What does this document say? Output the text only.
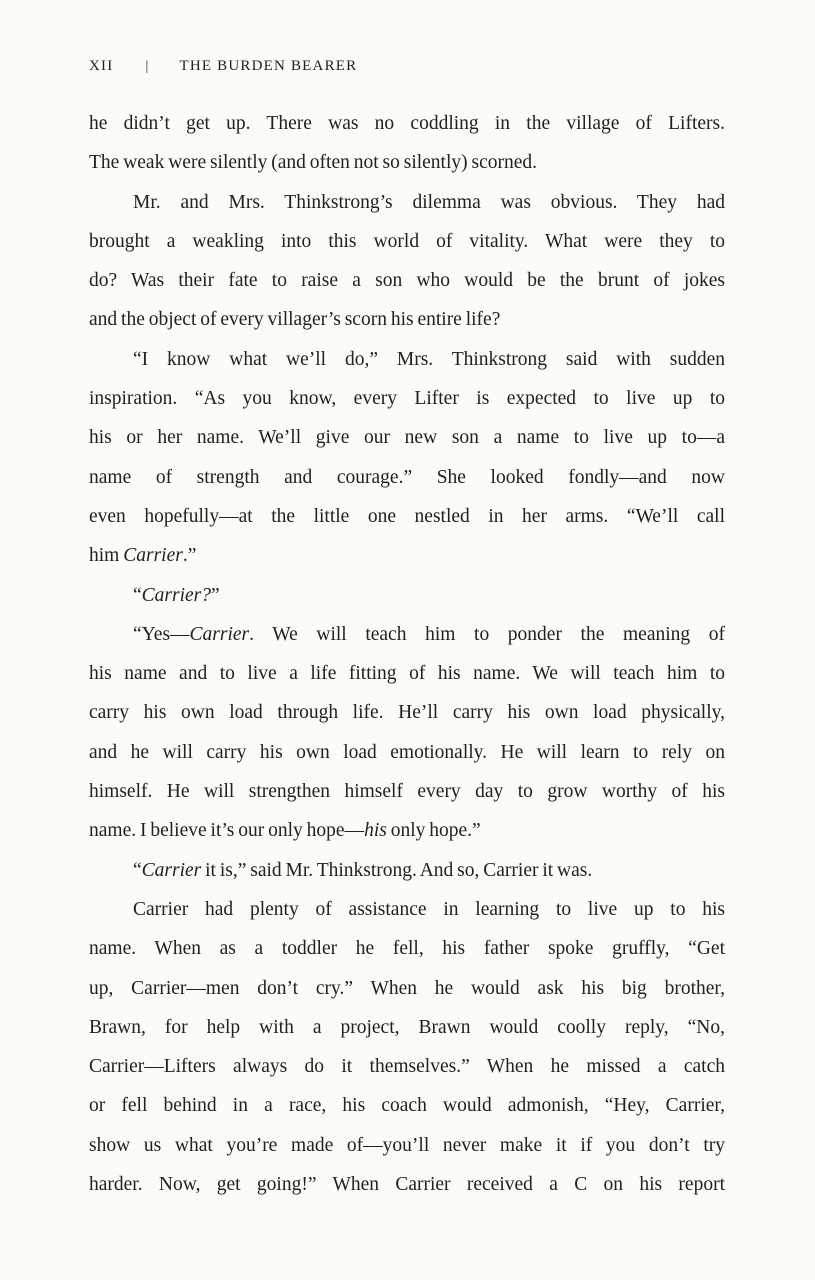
XII | THE BURDEN BEARER
he didn’t get up. There was no coddling in the village of Lifters.
The weak were silently (and often not so silently) scorned.
Mr. and Mrs. Thinkstrong’s dilemma was obvious. They had
brought a weakling into this world of vitality. What were they to
do? Was their fate to raise a son who would be the brunt of jokes
and the object of every villager’s scorn his entire life?
“I know what we’ll do,” Mrs. Thinkstrong said with sudden
inspiration. “As you know, every Lifter is expected to live up to
his or her name. We’ll give our new son a name to live up to—a
name of strength and courage.” She looked fondly—and now
even hopefully—at the little one nestled in her arms. “We’ll call
him Carrier.”
“Carrier?”
“Yes—Carrier. We will teach him to ponder the meaning of
his name and to live a life fitting of his name. We will teach him to
carry his own load through life. He’ll carry his own load physically,
and he will carry his own load emotionally. He will learn to rely on
himself. He will strengthen himself every day to grow worthy of his
name. I believe it’s our only hope—his only hope.”
“Carrier it is,” said Mr. Thinkstrong. And so, Carrier it was.
Carrier had plenty of assistance in learning to live up to his
name. When as a toddler he fell, his father spoke gruffly, “Get
up, Carrier—men don’t cry.” When he would ask his big brother,
Brawn, for help with a project, Brawn would coolly reply, “No,
Carrier—Lifters always do it themselves.” When he missed a catch
or fell behind in a race, his coach would admonish, “Hey, Carrier,
show us what you’re made of—you’ll never make it if you don’t try
harder. Now, get going!” When Carrier received a C on his report
